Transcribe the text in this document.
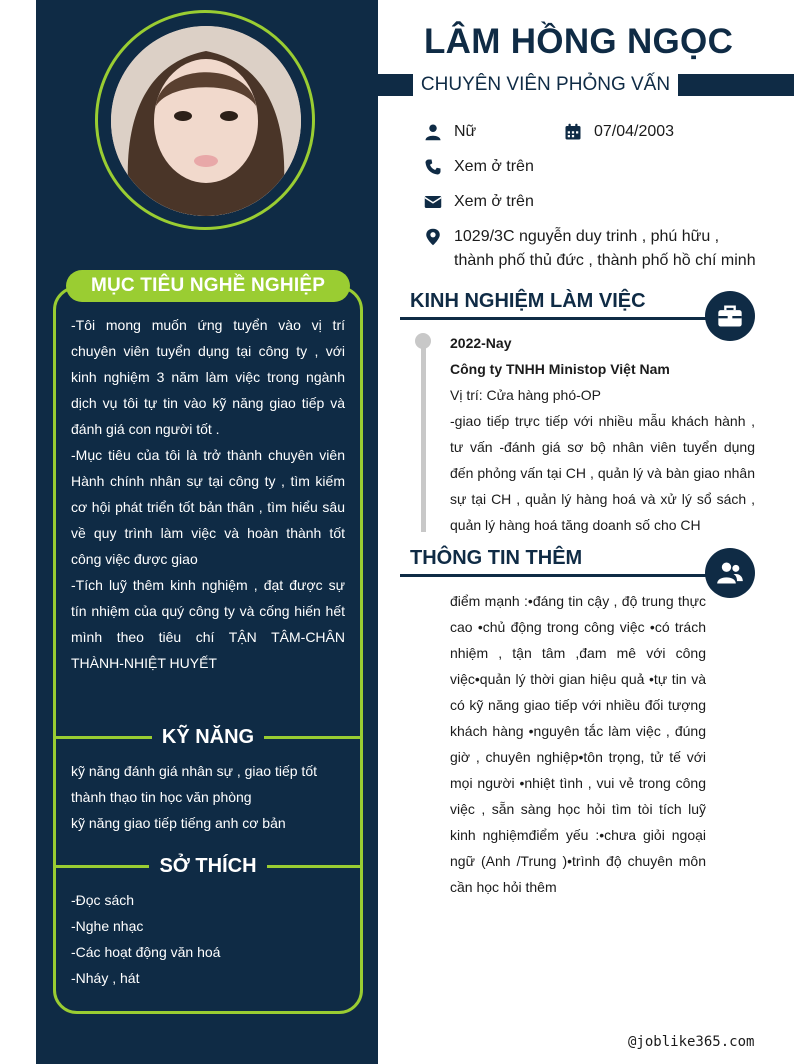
MỤC TIÊU NGHỀ NGHIỆP
-Tôi mong muốn ứng tuyển vào vị trí chuyên viên tuyển dụng tại công ty , với kinh nghiệm 3 năm làm việc trong ngành dịch vụ tôi tự tin vào kỹ năng giao tiếp và đánh giá con người tốt .
-Mục tiêu của tôi là trở thành chuyên viên Hành chính nhân sự tại công ty , tìm kiếm cơ hội phát triển tốt bản thân , tìm hiểu sâu về quy trình làm việc và hoàn thành tốt công việc được giao
-Tích luỹ thêm kinh nghiệm , đạt được sự tín nhiệm của quý công ty và cống hiến hết mình theo tiêu chí TẬN TÂM-CHÂN THÀNH-NHIỆT HUYẾT
KỸ NĂNG
kỹ năng đánh giá nhân sự , giao tiếp tốt
thành thạo tin học văn phòng
kỹ năng giao tiếp tiếng anh cơ bản
SỞ THÍCH
-Đọc sách
-Nghe nhạc
-Các hoạt động văn hoá
-Nháy , hát
LÂM HỒNG NGỌC
CHUYÊN VIÊN PHỎNG VẤN
Nữ	07/04/2003
Xem ở trên
Xem ở trên
1029/3C nguyễn duy trinh , phú hữu , thành phố thủ đức , thành phố hồ chí minh
KINH NGHIỆM LÀM VIỆC
2022-Nay
Công ty TNHH Ministop Việt Nam
Vị trí: Cửa hàng phó-OP
-giao tiếp trực tiếp với nhiều mẫu khách hành , tư vấn -đánh giá sơ bộ nhân viên tuyển dụng đến phỏng vấn tại CH , quản lý và bàn giao nhân sự tại CH , quản lý hàng hoá và xử lý sổ sách , quản lý hàng hoá tăng doanh số cho CH
THÔNG TIN THÊM
điểm mạnh :•đáng tin cậy , độ trung thực cao •chủ động trong công việc •có trách nhiệm , tận tâm ,đam mê với công việc•quản lý thời gian hiệu quả •tự tin và có kỹ năng giao tiếp với nhiều đối tượng khách hàng •nguyên tắc làm việc , đúng giờ , chuyên nghiệp•tôn trọng, tử tế với mọi người •nhiệt tình , vui vẻ trong công việc , sẵn sàng học hỏi tìm tòi tích luỹ kinh nghiệmđiểm yếu :•chưa giỏi ngoại ngữ (Anh /Trung )•trình độ chuyên môn cần học hỏi thêm
@joblike365.com
